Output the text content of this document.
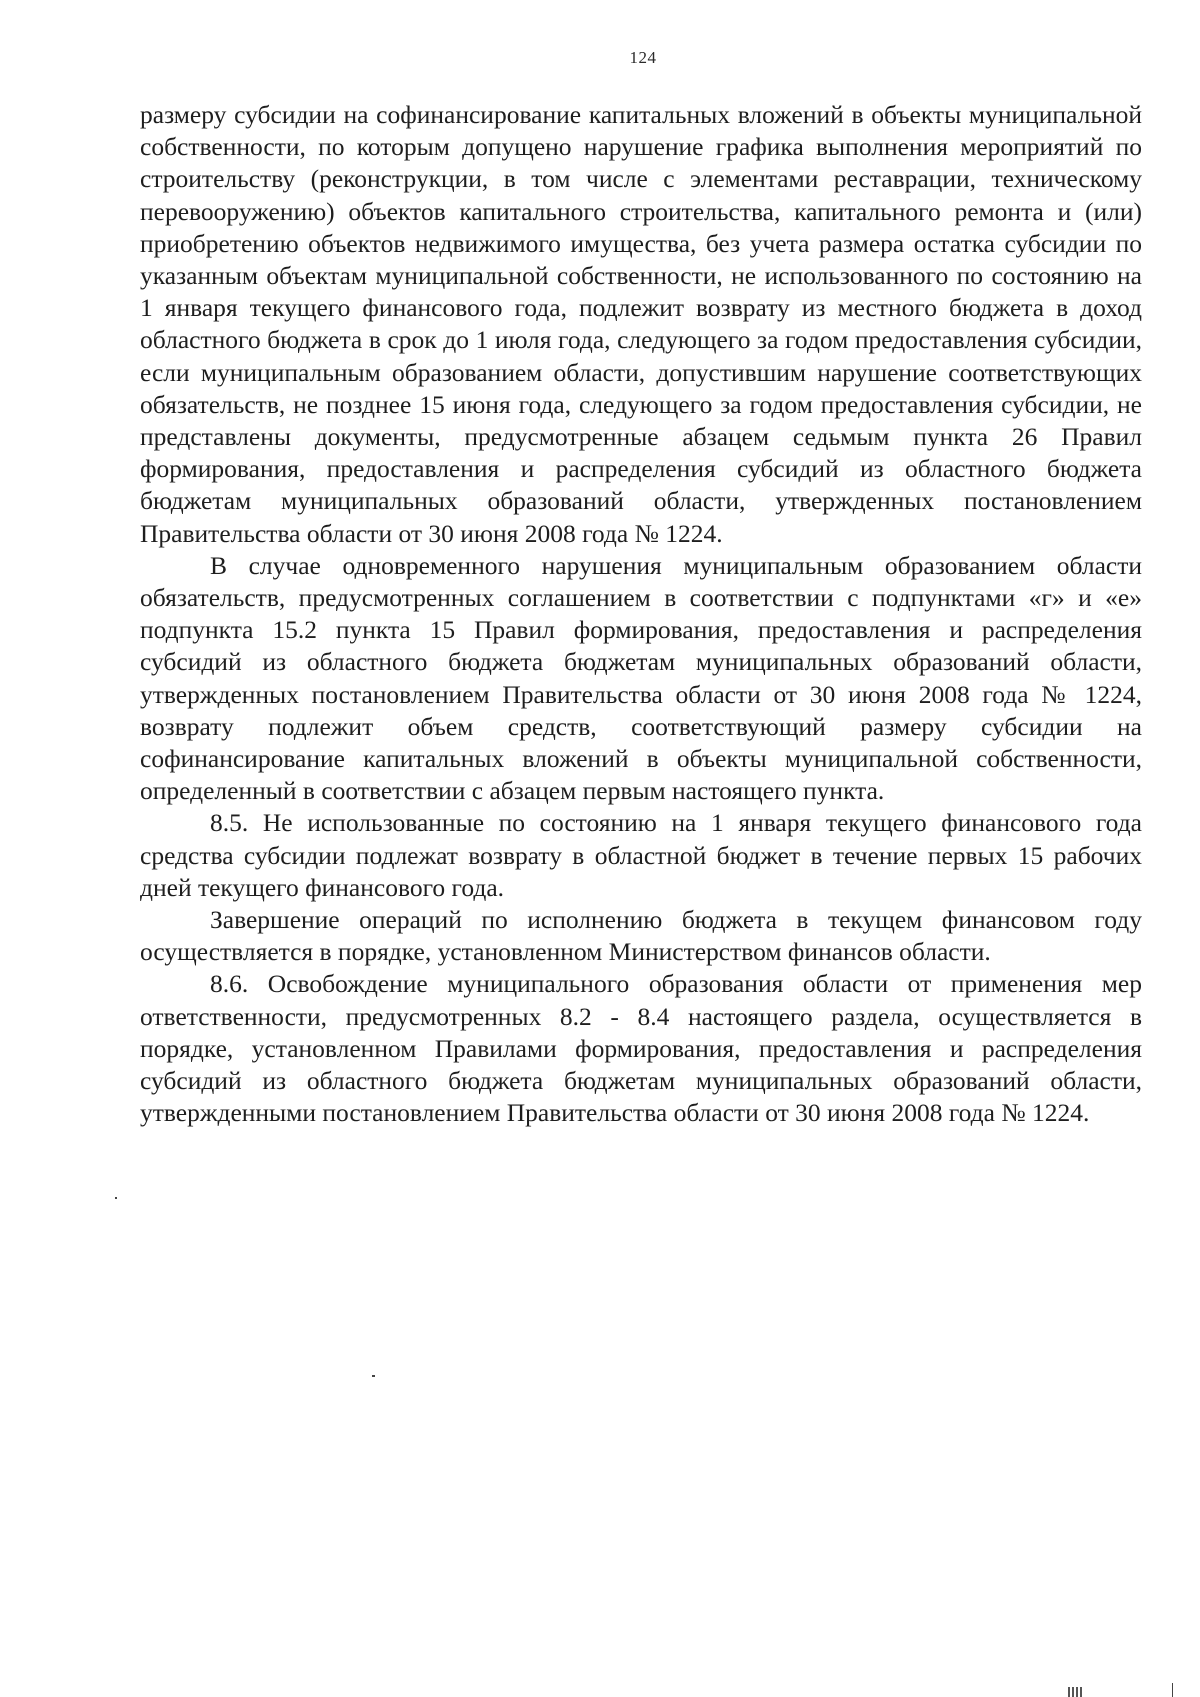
124

размеру субсидии на софинансирование капитальных вложений в объекты муниципальной собственности, по которым допущено нарушение графика выполнения мероприятий по строительству (реконструкции, в том числе с элементами реставрации, техническому перевооружению) объектов капитального строительства, капитального ремонта и (или) приобретению объектов недвижимого имущества, без учета размера остатка субсидии по указанным объектам муниципальной собственности, не использованного по состоянию на 1 января текущего финансового года, подлежит возврату из местного бюджета в доход областного бюджета в срок до 1 июля года, следующего за годом предоставления субсидии, если муниципальным образованием области, допустившим нарушение соответствующих обязательств, не позднее 15 июня года, следующего за годом предоставления субсидии, не представлены документы, предусмотренные абзацем седьмым пункта 26 Правил формирования, предоставления и распределения субсидий из областного бюджета бюджетам муниципальных образований области, утвержденных постановлением Правительства области от 30 июня 2008 года № 1224.

В случае одновременного нарушения муниципальным образованием области обязательств, предусмотренных соглашением в соответствии с подпунктами «г» и «е» подпункта 15.2 пункта 15 Правил формирования, предоставления и распределения субсидий из областного бюджета бюджетам муниципальных образований области, утвержденных постановлением Правительства области от 30 июня 2008 года № 1224, возврату подлежит объем средств, соответствующий размеру субсидии на софинансирование капитальных вложений в объекты муниципальной собственности, определенный в соответствии с абзацем первым настоящего пункта.

8.5. Не использованные по состоянию на 1 января текущего финансового года средства субсидии подлежат возврату в областной бюджет в течение первых 15 рабочих дней текущего финансового года.

Завершение операций по исполнению бюджета в текущем финансовом году осуществляется в порядке, установленном Министерством финансов области.

8.6. Освобождение муниципального образования области от применения мер ответственности, предусмотренных 8.2 - 8.4 настоящего раздела, осуществляется в порядке, установленном Правилами формирования, предоставления и распределения субсидий из областного бюджета бюджетам муниципальных образований области, утвержденными постановлением Правительства области от 30 июня 2008 года № 1224.
